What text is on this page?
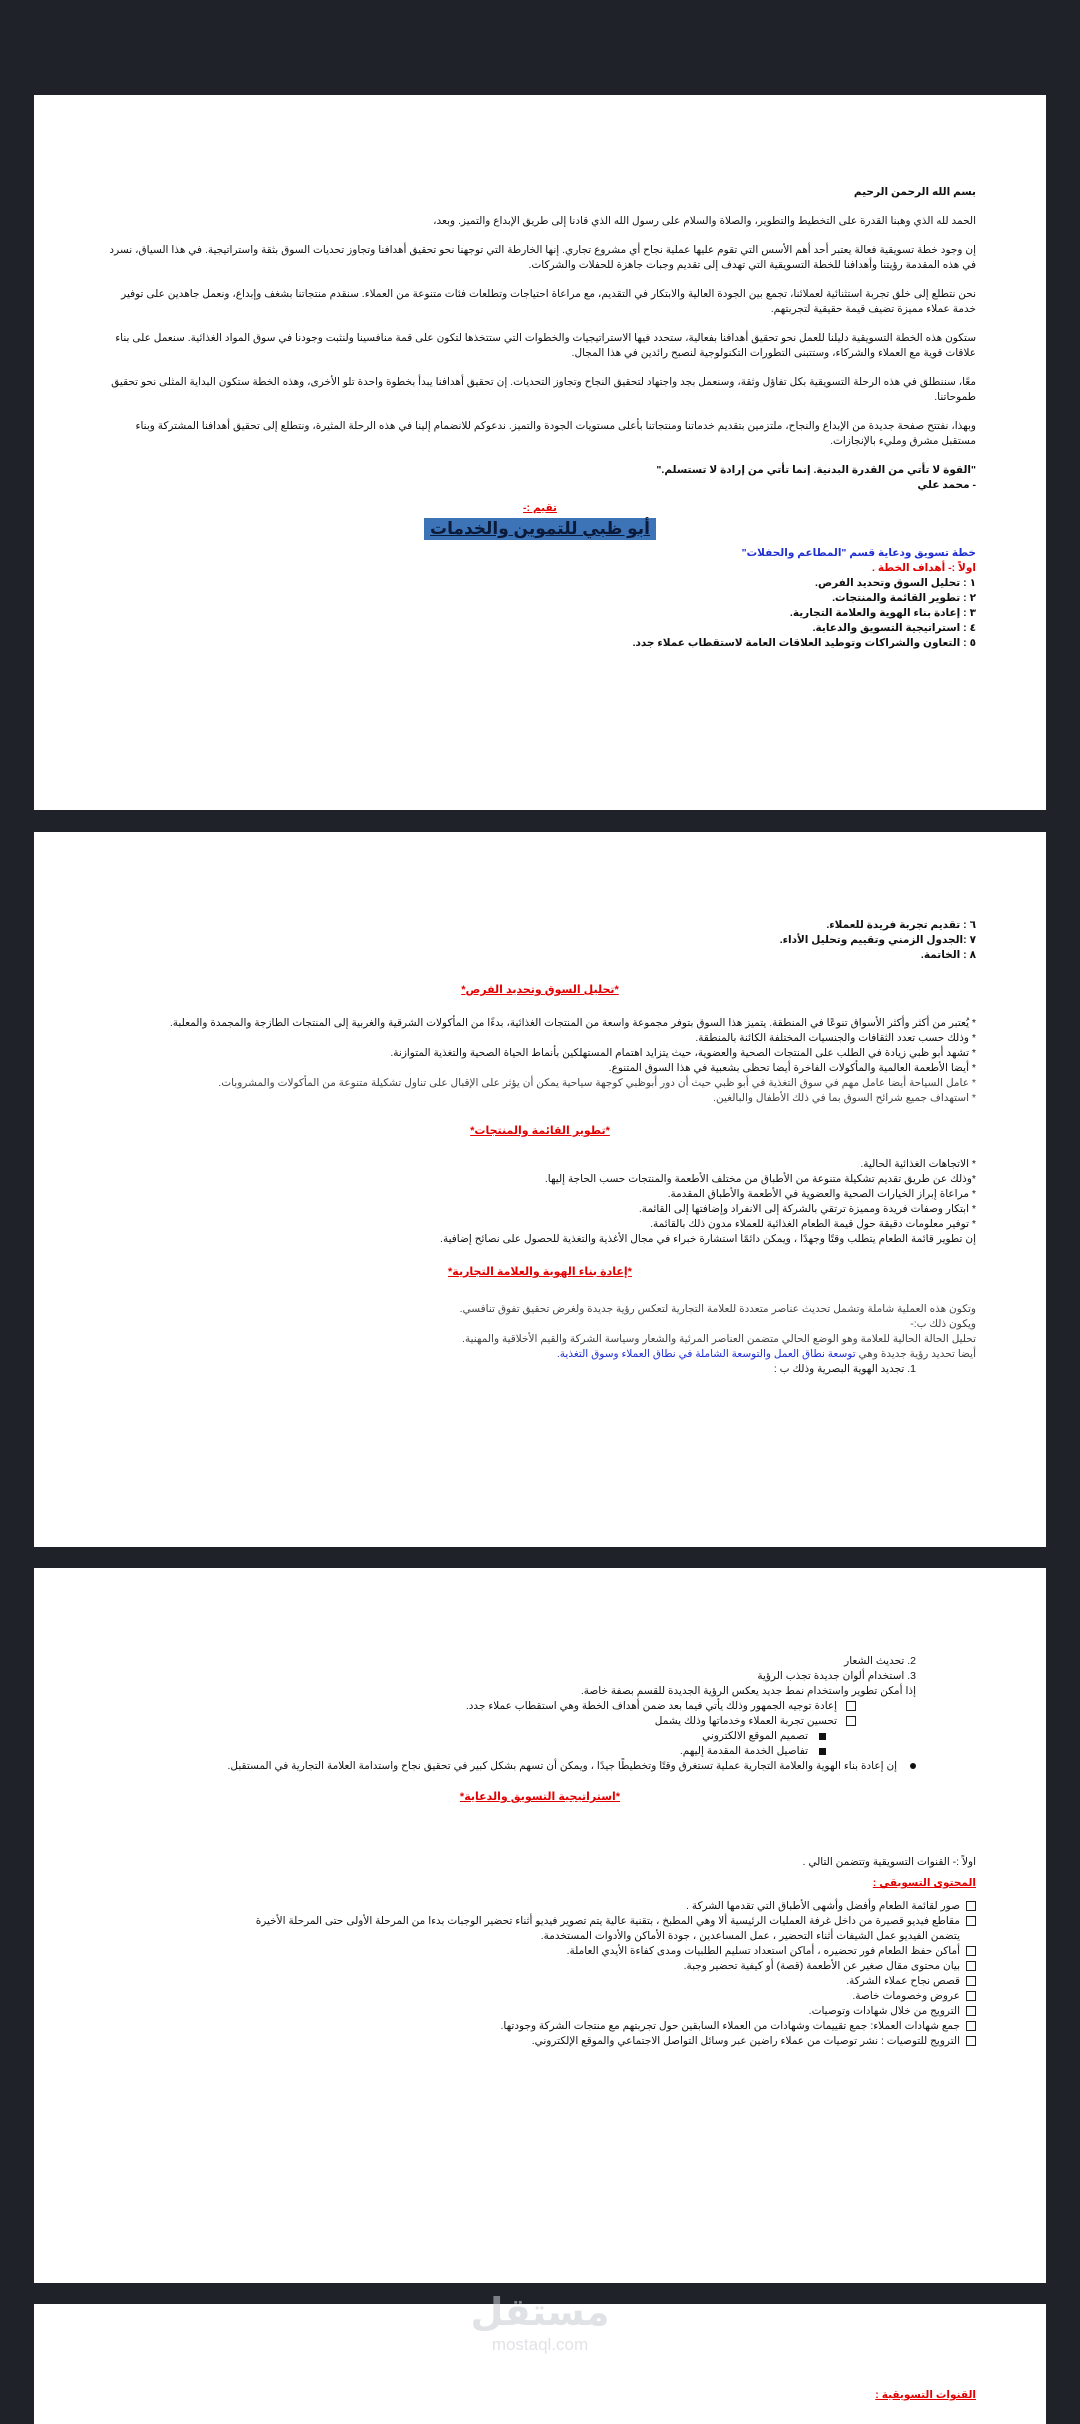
بسم الله الرحمن الرحيم

الحمد لله الذي وهبنا القدرة على التخطيط والتطوير، والصلاة والسلام على رسول الله الذي قادنا إلى طريق الإبداع والتميز. وبعد،

إن وجود خطة تسويقية فعالة يعتبر أحد أهم الأسس التي تقوم عليها عملية نجاح أي مشروع تجاري. إنها الخارطة التي توجهنا نحو تحقيق أهدافنا وتجاوز تحديات السوق بثقة واستراتيجية. في هذا السياق، نسرد في هذه المقدمة رؤيتنا وأهدافنا للخطة التسويقية التي تهدف إلى تقديم وجبات جاهزة للحفلات والشركات.

نحن نتطلع إلى خلق تجربة استثنائية لعملائنا، تجمع بين الجودة العالية والابتكار في التقديم، مع مراعاة احتياجات وتطلعات فئات متنوعة من العملاء. سنقدم منتجاتنا بشغف وإبداع، ونعمل جاهدين على توفير خدمة عملاء مميزة تضيف قيمة حقيقية لتجربتهم.

ستكون هذه الخطة التسويقية دليلنا للعمل نحو تحقيق أهدافنا بفعالية، ستحدد فيها الاستراتيجيات والخطوات التي ستتخذها لتكون على قمة منافسينا ولنثبت وجودنا في سوق المواد الغذائية. سنعمل على بناء علاقات قوية مع العملاء والشركاء، وستتبنى التطورات التكنولوجية لنصبح رائدين في هذا المجال.

معًا، سننطلق في هذه الرحلة التسويقية بكل تفاؤل وثقة، وسنعمل بجد واجتهاد لتحقيق النجاح وتجاوز التحديات. إن تحقيق أهدافنا يبدأ بخطوة واحدة تلو الأخرى، وهذه الخطة ستكون البداية المثلى نحو تحقيق طموحاتنا.

وبهذا، نفتتح صفحة جديدة من الإبداع والنجاح، ملتزمين بتقديم خدماتنا ومنتجاتنا بأعلى مستويات الجودة والتميز. ندعوكم للانضمام إلينا في هذه الرحلة المثيرة، ونتطلع إلى تحقيق أهدافنا المشتركة وبناء مستقبل مشرق ومليء بالإنجازات.

"القوة لا تأتي من القدرة البدنية. إنما تأتي من إرادة لا تستسلم."

- محمد علي

تقيم :-

أبو ظبي للتموين والخدمات

خطة تسويق ودعاية قسم "المطاعم والحفلات"

اولاً :- أهداف الخطة .

١ : تحليل السوق وتحديد الفرص.

٢ : تطوير القائمة والمنتجات.

٣ : إعادة بناء الهوية والعلامة التجارية.

٤ : استراتيجية التسويق والدعاية.

٥ : التعاون والشراكات وتوطيد العلاقات العامة لاستقطاب عملاء جدد.

٦ : تقديم تجربة فريدة للعملاء.

٧ :الجدول الزمني وتقييم وتحليل الأداء.

٨ : الخاتمة.

*تحليل السوق وتحديد الفرص*

* يُعتبر من أكثر وأكثر الأسواق تنوعًا في المنطقة. يتميز هذا السوق بتوفر مجموعة واسعة من المنتجات الغذائية، بدءًا من المأكولات الشرقية والغربية إلى المنتجات الطازجة والمجمدة والمعلبة.

* وذلك حسب تعدد الثقافات والجنسيات المختلفة الكائنة بالمنطقة.

* تشهد أبو ظبي زيادة في الطلب على المنتجات الصحية والعضوية، حيث يتزايد اهتمام المستهلكين بأنماط الحياة الصحية والتغذية المتوازنة.

* أيضا الأطعمة العالمية والمأكولات الفاخرة أيضا تحظى بشعبية في هذا السوق المتنوع.

* عامل السياحة أيضا عامل مهم في سوق التغذية في أبو ظبي حيث أن دور أبوظبي كوجهة سياحية يمكن أن يؤثر على الإقبال على تناول تشكيلة متنوعة من المأكولات والمشروبات.

* استهداف جميع شرائح السوق بما في ذلك الأطفال والبالغين.

*تطوير القائمة والمنتجات*

* الاتجاهات الغذائية الحالية.

*وذلك عن طريق تقديم تشكيلة متنوعة من الأطباق من مختلف الأطعمة والمنتجات حسب الحاجة إليها.

* مراعاة إبراز الخيارات الصحية والعضوية في الأطعمة والأطباق المقدمة.

* ابتكار وصفات فريدة ومميزة ترتقي بالشركة إلى الانفراد وإضافتها إلى القائمة.

* توفير معلومات دقيقة حول قيمة الطعام الغذائية للعملاء مدون ذلك بالقائمة.

إن تطوير قائمة الطعام يتطلب وقتًا وجهدًا ، ويمكن دائمًا استشارة خبراء في مجال الأغذية والتغذية للحصول على نصائح إضافية.

*إعادة بناء الهوية والعلامة التجارية*

وتكون هذه العملية شاملة وتشمل تحديث عناصر متعددة للعلامة التجارية لتعكس رؤية جديدة ولغرض تحقيق تفوق تنافسي.

ويكون ذلك ب:-

تحليل الحالة الحالية للعلامة وهو الوضع الحالي متضمن العناصر المرئية والشعار وسياسة الشركة والقيم الأخلاقية والمهنية.

أيضا تحديد رؤية جديدة وهي توسعة نطاق العمل والتوسعة الشاملة في نطاق العملاء وسوق التغذية.

1. تجديد الهوية البصرية وذلك ب :

2. تحديث الشعار

3. استخدام ألوان جديدة تجذب الرؤية

إذا أمكن تطوير واستخدام نمط جديد يعكس الرؤية الجديدة للقسم بصفة خاصة.

إعادة توجيه الجمهور وذلك يأتي فيما بعد ضمن أهداف الخطة وهي استقطاب عملاء جدد.

تحسين تجربة العملاء وخدماتها وذلك يشمل

تصميم الموقع الالكتروني

تفاصيل الخدمة المقدمة إليهم.

إن إعادة بناء الهوية والعلامة التجارية عملية تستغرق وقتًا وتخطيطًا جيدًا ، ويمكن أن تسهم بشكل كبير في تحقيق نجاح واستدامة العلامة التجارية في المستقبل.

*استراتيجية التسويق والدعاية*

اولاً :- القنوات التسويقية وتتضمن التالي .

المحتوى التسويقي :

صور لقائمة الطعام وأفضل وأشهى الأطباق التي تقدمها الشركة .

مقاطع فيديو قصيرة من داخل غرفة العمليات الرئيسية ألا وهي المطبخ ، بتقنية عالية يتم تصوير فيديو أثناء تحضير الوجبات بدءا من المرحلة الأولى حتى المرحلة الأخيرة

يتضمن الفيديو عمل الشيفات أثناء التحضير ، عمل المساعدين ، جودة الأماكن والأدوات المستخدمة.

أماكن حفظ الطعام فور تحضيره ، أماكن استعداد تسليم الطلبيات ومدى كفاءة الأيدي العاملة.

بيان محتوى مقال صغير عن الأطعمة (قصة) أو كيفية تحضير وجبة.

قصص نجاح عملاء الشركة.

عروض وخصومات خاصة.

الترويج من خلال شهادات وتوصيات.

جمع شهادات العملاء: جمع تقييمات وشهادات من العملاء السابقين حول تجربتهم مع منتجات الشركة وجودتها.

الترويج للتوصيات : نشر توصيات من عملاء راضين عبر وسائل التواصل الاجتماعي والموقع الإلكتروني.

القنوات التسويقية :

مستقل
mostaql.com
